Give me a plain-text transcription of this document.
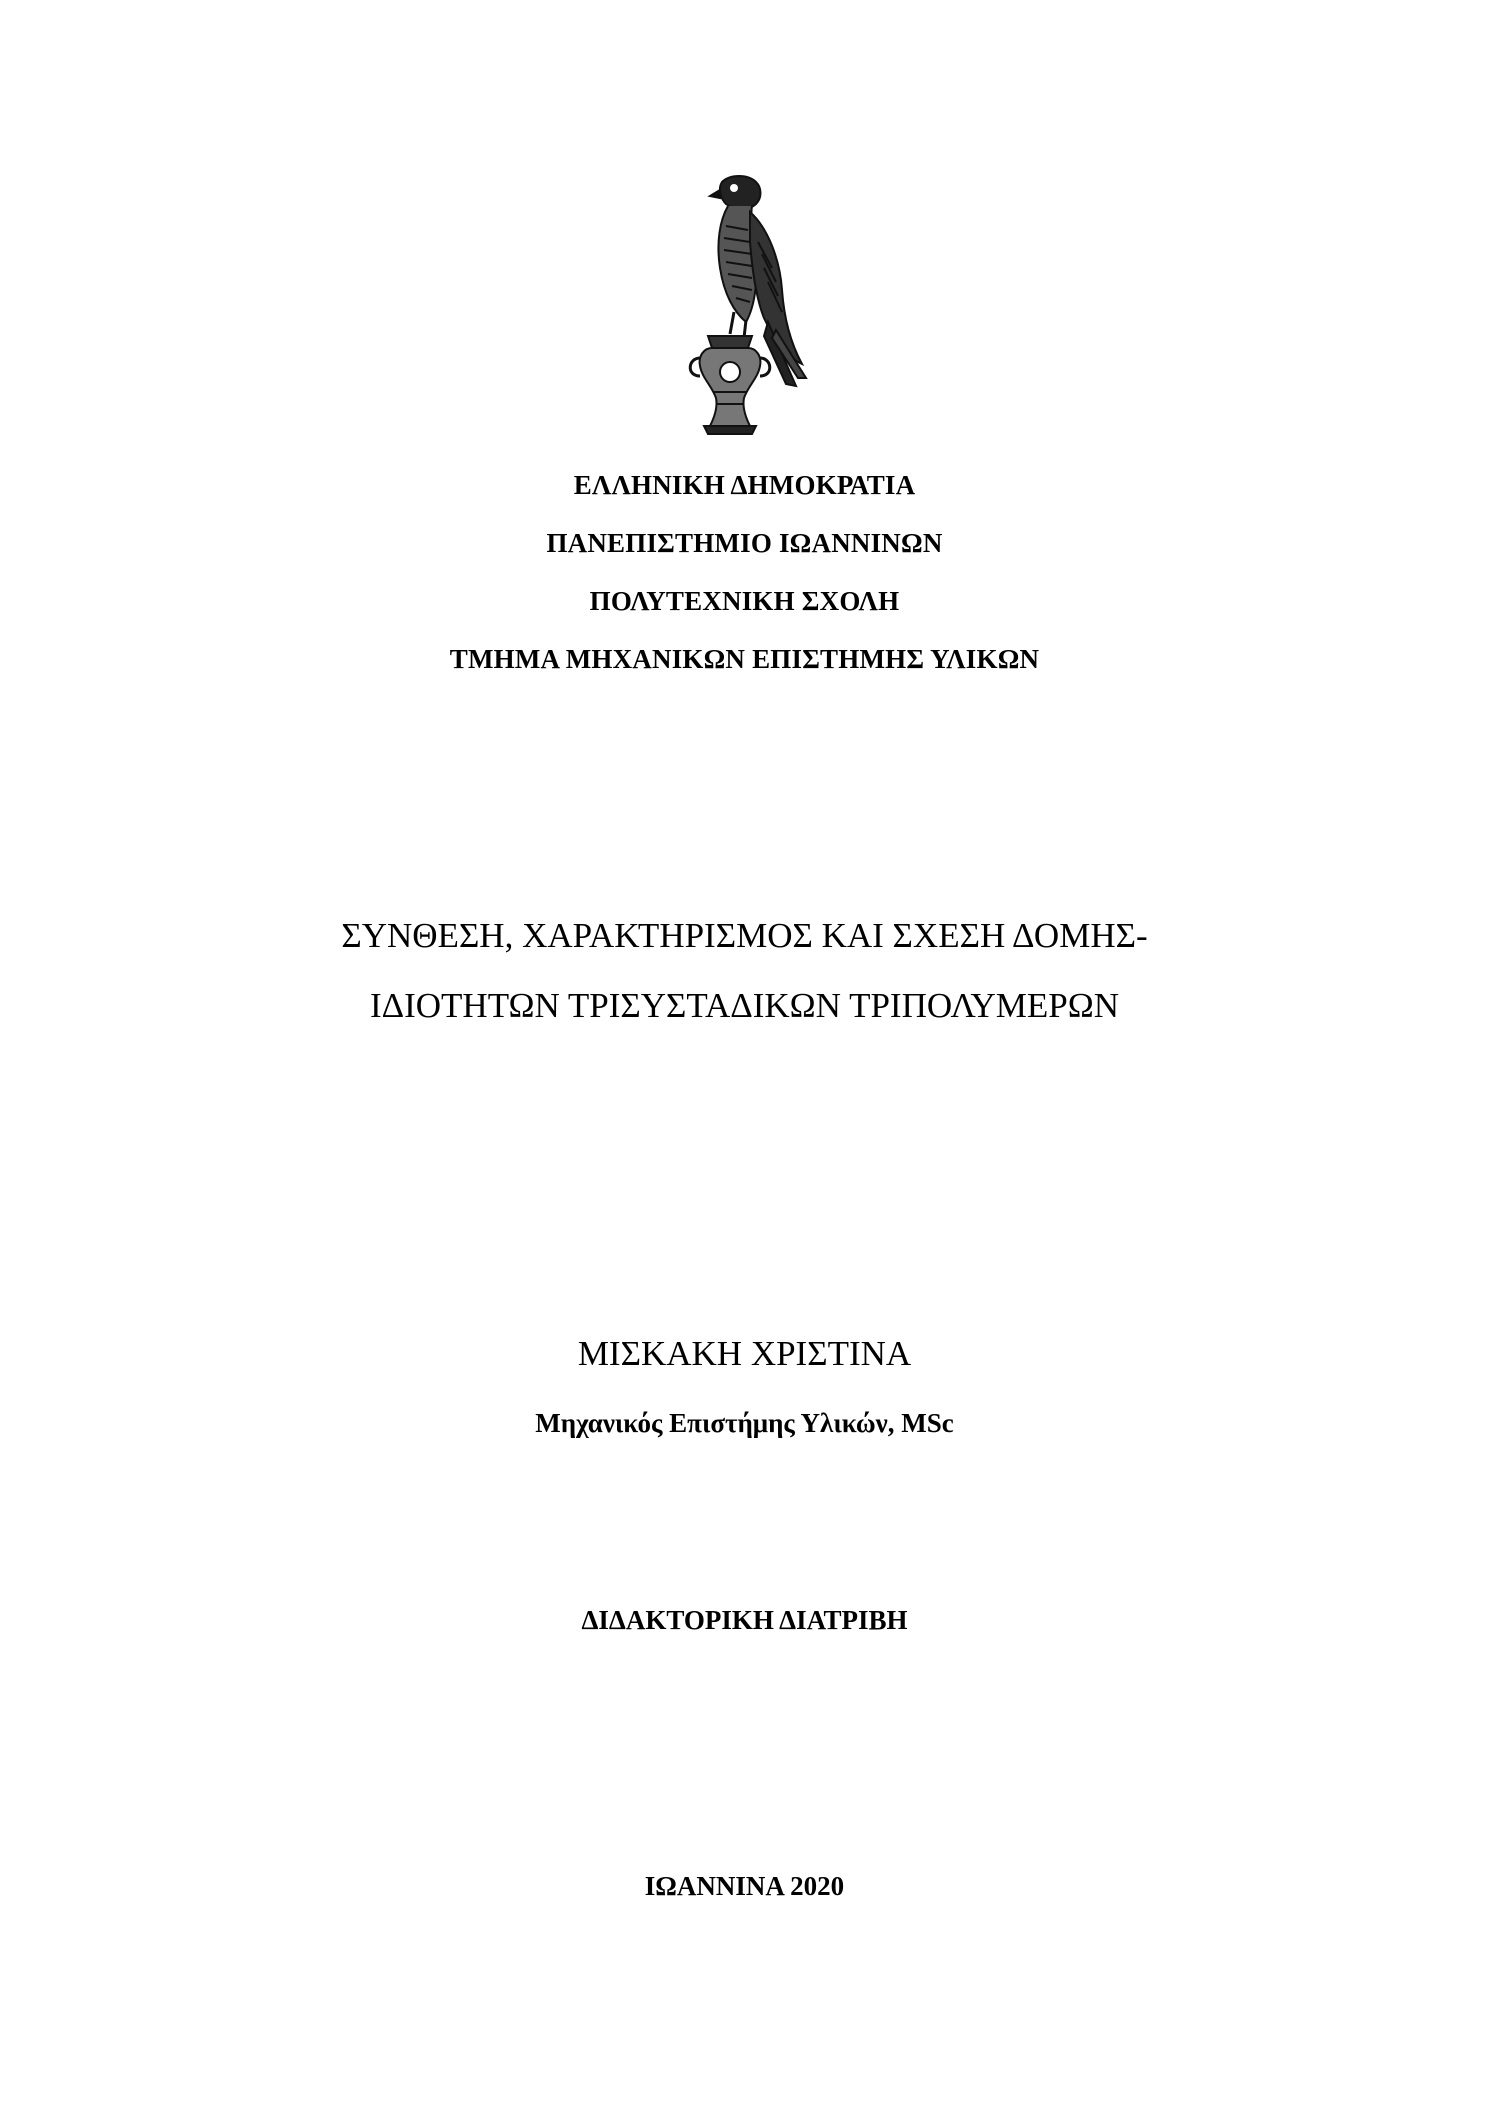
ΕΛΛΗΝΙΚΗ ΔΗΜΟΚΡΑΤΙΑ
ΠΑΝΕΠΙΣΤΗΜΙΟ ΙΩΑΝΝΙΝΩΝ
ΠΟΛΥΤΕΧΝΙΚΗ ΣΧΟΛΗ
ΤΜΗΜΑ ΜΗΧΑΝΙΚΩΝ ΕΠΙΣΤΗΜΗΣ ΥΛΙΚΩΝ
ΣΥΝΘΕΣΗ, ΧΑΡΑΚΤΗΡΙΣΜΟΣ ΚΑΙ ΣΧΕΣΗ ΔΟΜΗΣ-
ΙΔΙΟΤΗΤΩΝ ΤΡΙΣΥΣΤΑΔΙΚΩΝ ΤΡΙΠΟΛΥΜΕΡΩΝ
ΜΙΣΚΑΚΗ ΧΡΙΣΤΙΝΑ
Μηχανικός Επιστήμης Υλικών, MSc
ΔΙΔΑΚΤΟΡΙΚΗ ΔΙΑΤΡΙΒΗ
ΙΩΑΝΝΙΝΑ 2020
